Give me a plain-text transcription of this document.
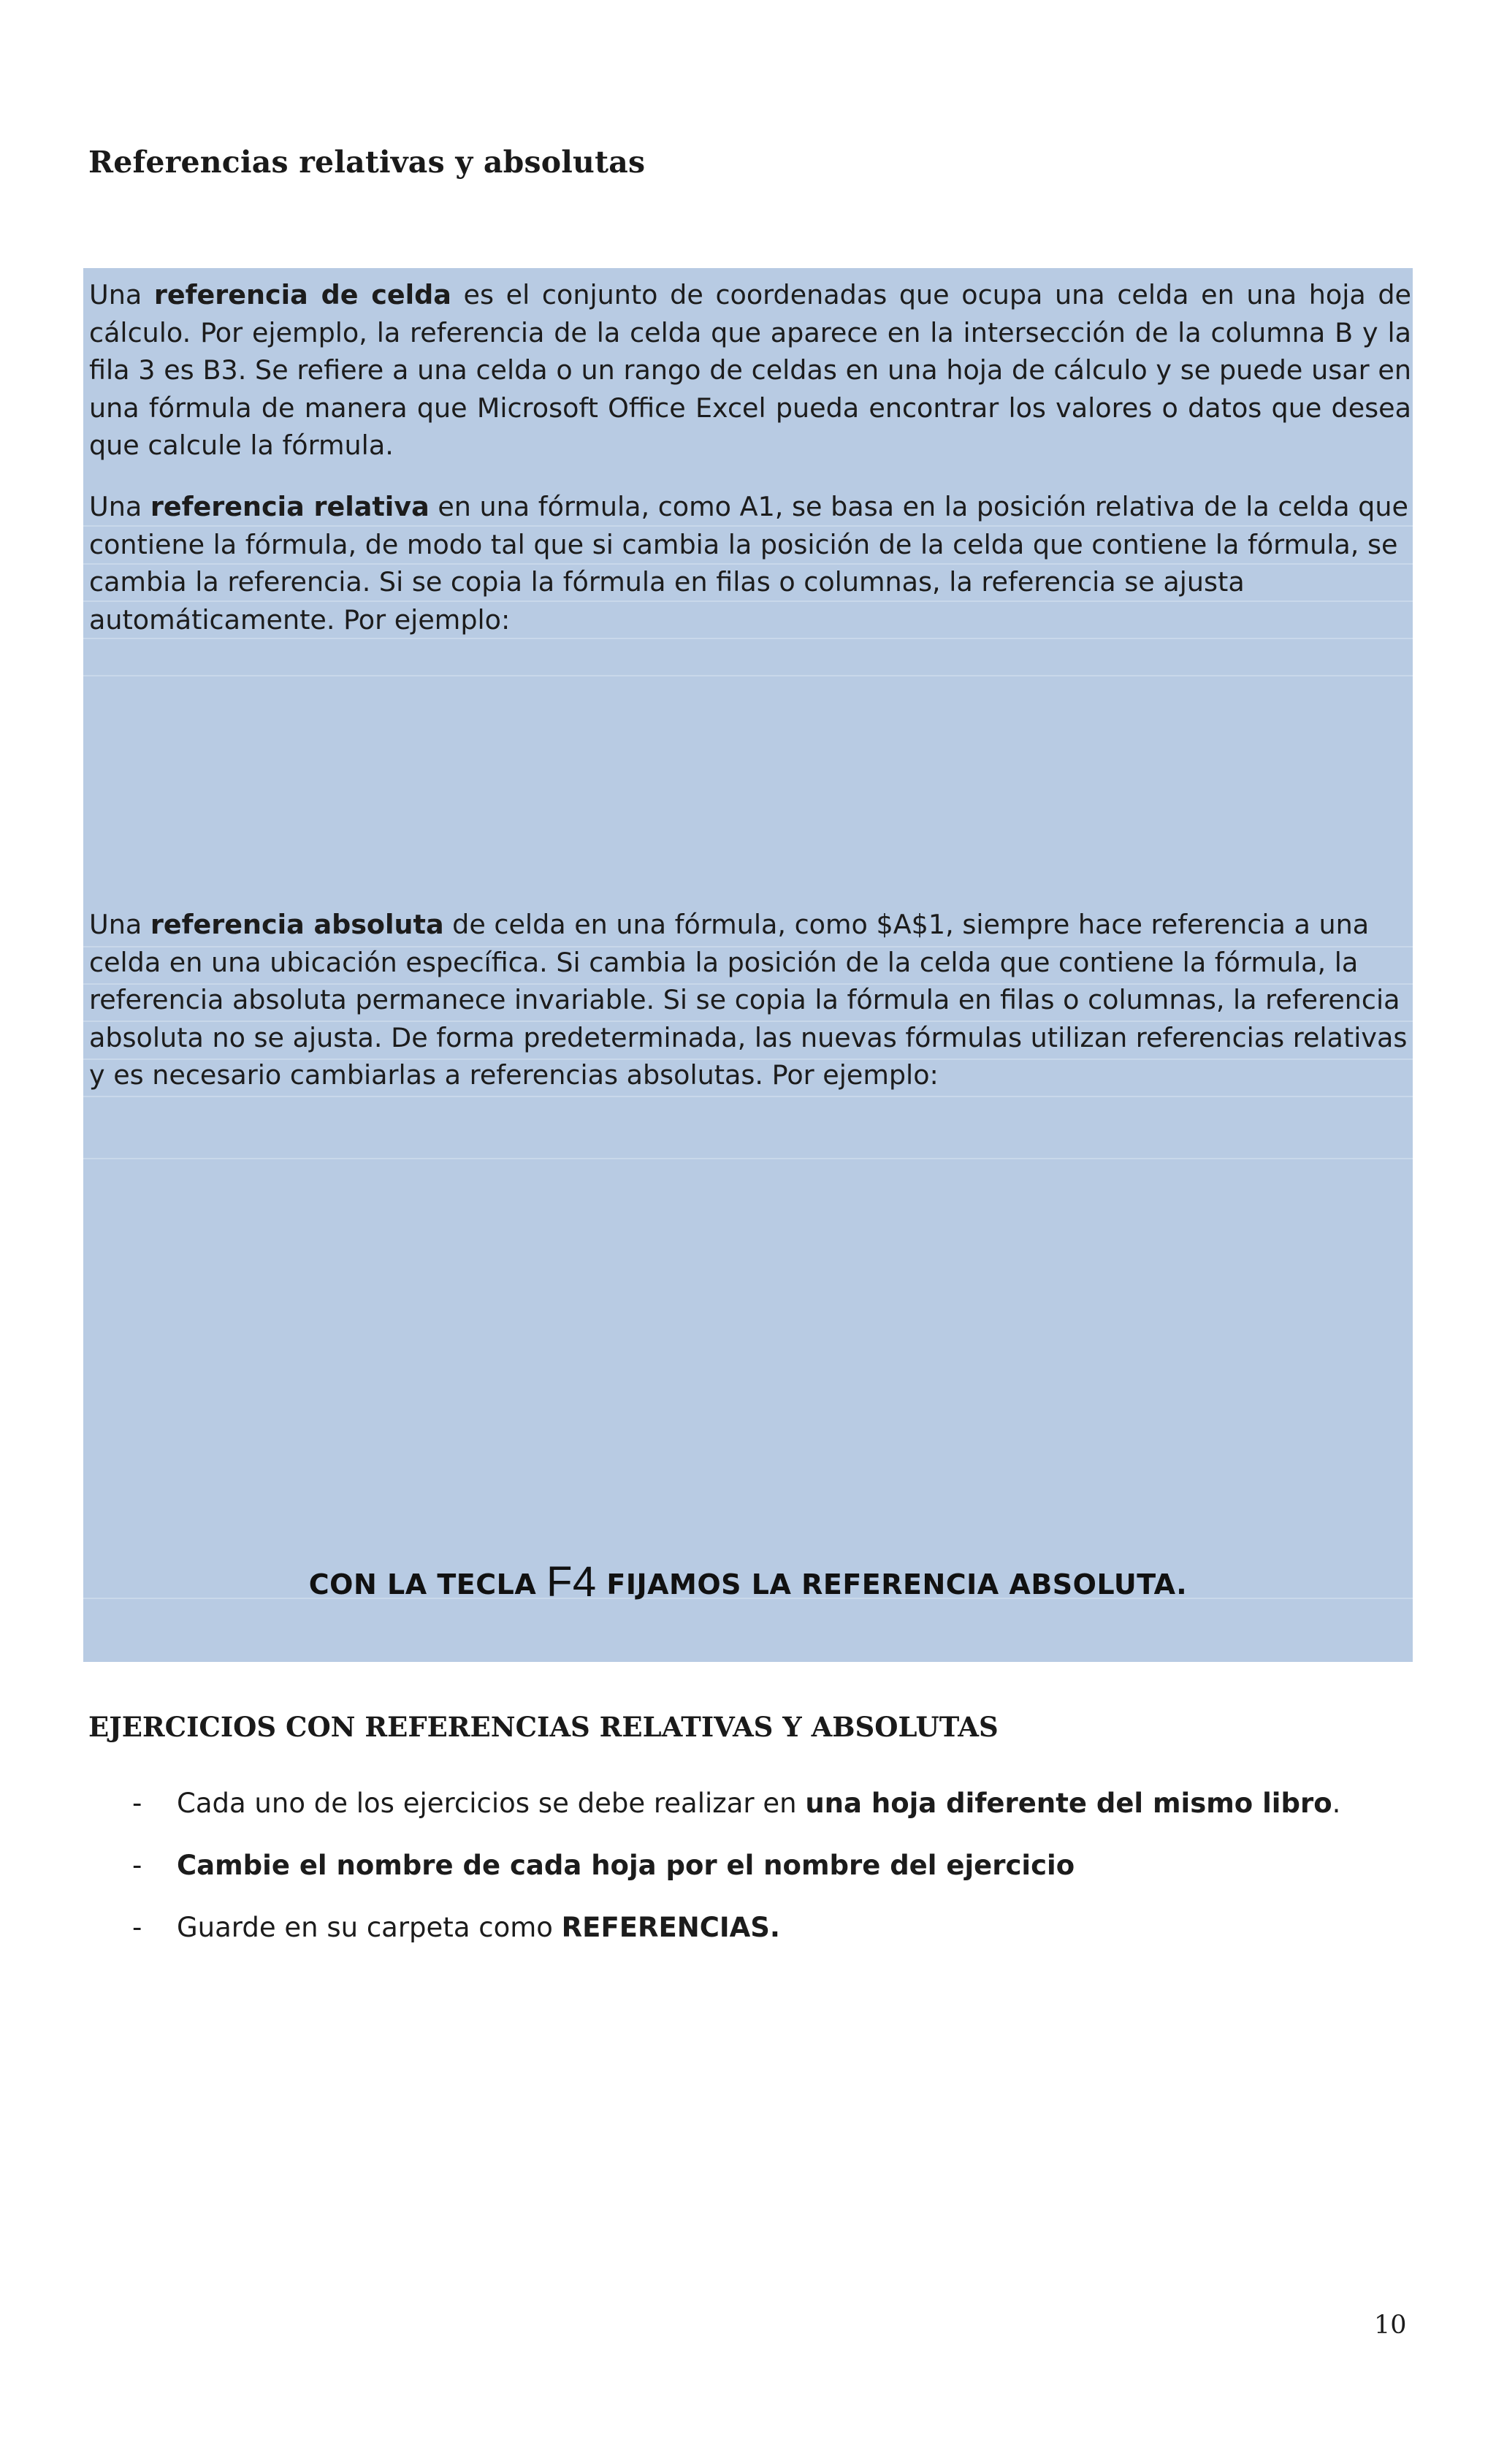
Referencias relativas y absolutas

Una referencia de celda es el conjunto de coordenadas que ocupa una celda en una hoja de cálculo. Por ejemplo, la referencia de la celda que aparece en la intersección de la columna B y la fila 3 es B3. Se refiere a una celda o un rango de celdas en una hoja de cálculo y se puede usar en una fórmula de manera que Microsoft Office Excel pueda encontrar los valores o datos que desea que calcule la fórmula.

Una referencia relativa en una fórmula, como A1, se basa en la posición relativa de la celda que contiene la fórmula, de modo tal que si cambia la posición de la celda que contiene la fórmula, se cambia la referencia. Si se copia la fórmula en filas o columnas, la referencia se ajusta automáticamente. Por ejemplo:

Una referencia absoluta de celda en una fórmula, como $A$1, siempre hace referencia a una celda en una ubicación específica. Si cambia la posición de la celda que contiene la fórmula, la referencia absoluta permanece invariable. Si se copia la fórmula en filas o columnas, la referencia absoluta no se ajusta. De forma predeterminada, las nuevas fórmulas utilizan referencias relativas y es necesario cambiarlas a referencias absolutas. Por ejemplo:

CON LA TECLA F4 FIJAMOS LA REFERENCIA ABSOLUTA.
EJERCICIOS CON REFERENCIAS RELATIVAS Y ABSOLUTAS
- Cada uno de los ejercicios se debe realizar en una hoja diferente del mismo libro.
- Cambie el nombre de cada hoja por el nombre del ejercicio
- Guarde en su carpeta como REFERENCIAS.
10
